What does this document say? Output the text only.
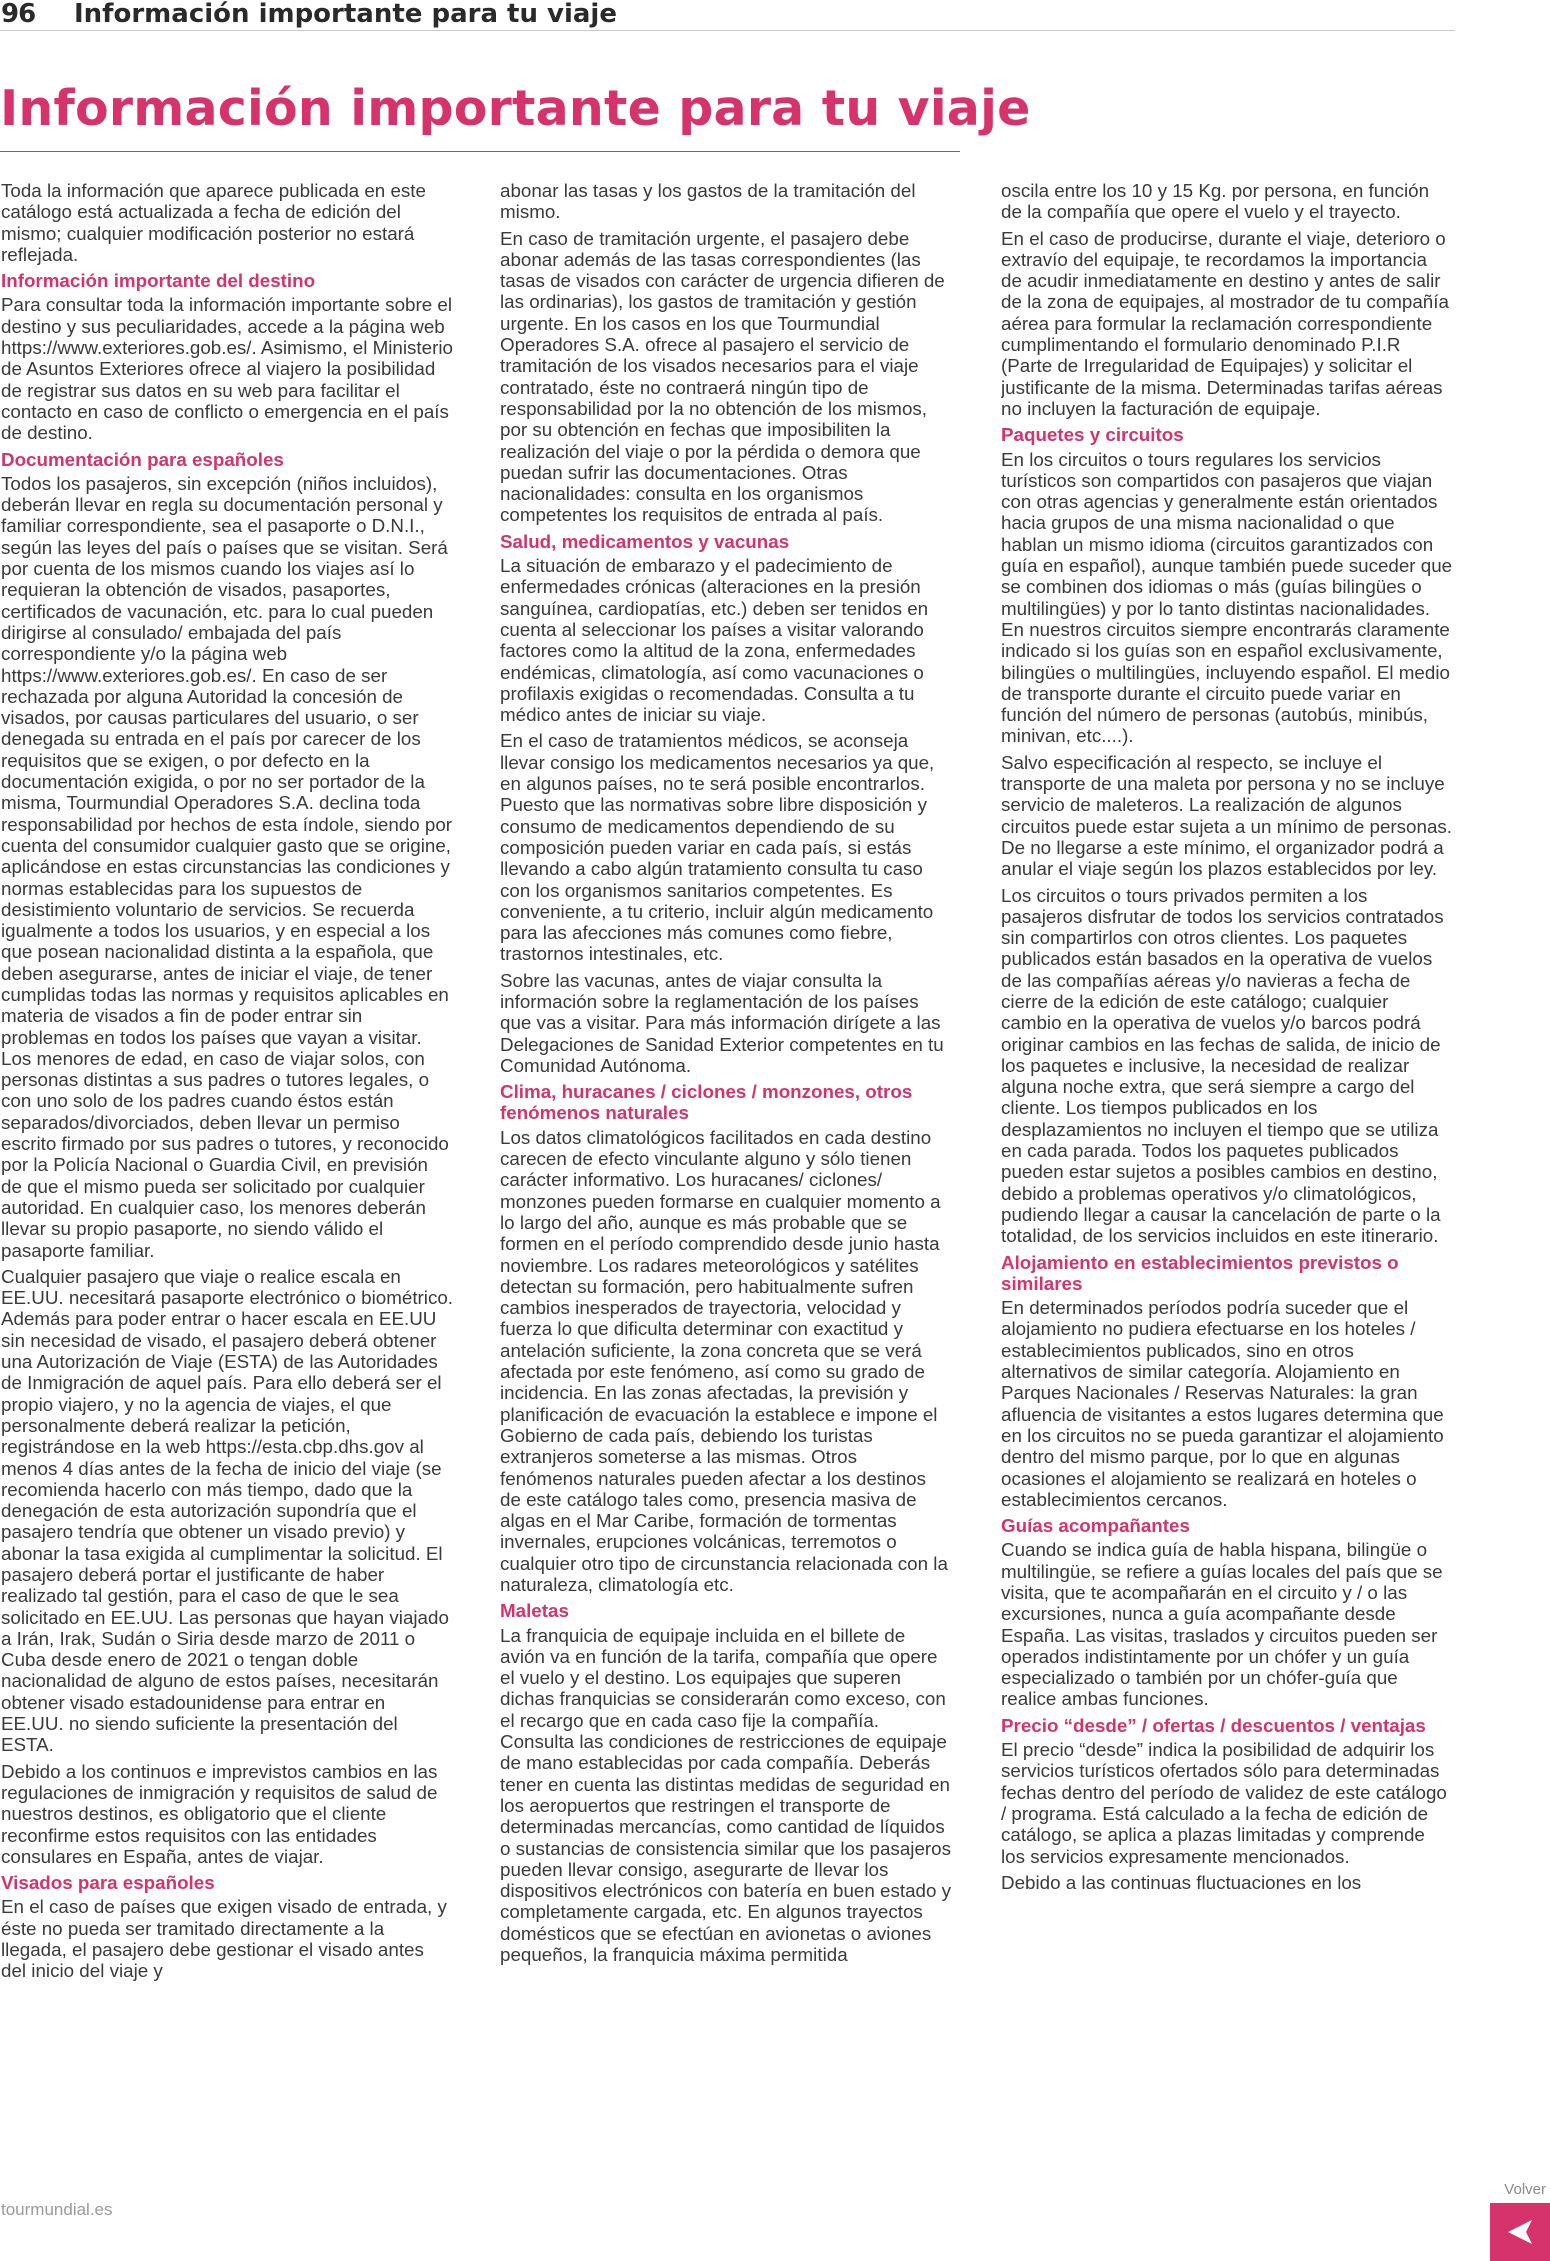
96 Información importante para tu viaje
Información importante para tu viaje
Toda la información que aparece publicada en este catálogo está actualizada a fecha de edición del mismo; cualquier modificación posterior no estará reflejada.
Información importante del destino
Para consultar toda la información importante sobre el destino y sus peculiaridades, accede a la página web https://www.exteriores.gob.es/. Asimismo, el Ministerio de Asuntos Exteriores ofrece al viajero la posibilidad de registrar sus datos en su web para facilitar el contacto en caso de conflicto o emergencia en el país de destino.
Documentación para españoles
Todos los pasajeros, sin excepción (niños incluidos), deberán llevar en regla su documentación personal y familiar correspondiente, sea el pasaporte o D.N.I., según las leyes del país o países que se visitan. Será por cuenta de los mismos cuando los viajes así lo requieran la obtención de visados, pasaportes, certificados de vacunación, etc. para lo cual pueden dirigirse al consulado/ embajada del país correspondiente y/o la página web https://www.exteriores.gob.es/. En caso de ser rechazada por alguna Autoridad la concesión de visados, por causas particulares del usuario, o ser denegada su entrada en el país por carecer de los requisitos que se exigen, o por defecto en la documentación exigida, o por no ser portador de la misma, Tourmundial Operadores S.A. declina toda responsabilidad por hechos de esta índole, siendo por cuenta del consumidor cualquier gasto que se origine, aplicándose en estas circunstancias las condiciones y normas establecidas para los supuestos de desistimiento voluntario de servicios. Se recuerda igualmente a todos los usuarios, y en especial a los que posean nacionalidad distinta a la española, que deben asegurarse, antes de iniciar el viaje, de tener cumplidas todas las normas y requisitos aplicables en materia de visados a fin de poder entrar sin problemas en todos los países que vayan a visitar. Los menores de edad, en caso de viajar solos, con personas distintas a sus padres o tutores legales, o con uno solo de los padres cuando éstos están separados/divorciados, deben llevar un permiso escrito firmado por sus padres o tutores, y reconocido por la Policía Nacional o Guardia Civil, en previsión de que el mismo pueda ser solicitado por cualquier autoridad. En cualquier caso, los menores deberán llevar su propio pasaporte, no siendo válido el pasaporte familiar.
Cualquier pasajero que viaje o realice escala en EE.UU. necesitará pasaporte electrónico o biométrico. Además para poder entrar o hacer escala en EE.UU sin necesidad de visado, el pasajero deberá obtener una Autorización de Viaje (ESTA) de las Autoridades de Inmigración de aquel país. Para ello deberá ser el propio viajero, y no la agencia de viajes, el que personalmente deberá realizar la petición, registrándose en la web https://esta.cbp.dhs.gov al menos 4 días antes de la fecha de inicio del viaje (se recomienda hacerlo con más tiempo, dado que la denegación de esta autorización supondría que el pasajero tendría que obtener un visado previo) y abonar la tasa exigida al cumplimentar la solicitud. El pasajero deberá portar el justificante de haber realizado tal gestión, para el caso de que le sea solicitado en EE.UU. Las personas que hayan viajado a Irán, Irak, Sudán o Siria desde marzo de 2011 o Cuba desde enero de 2021 o tengan doble nacionalidad de alguno de estos países, necesitarán obtener visado estadounidense para entrar en EE.UU. no siendo suficiente la presentación del ESTA.
Debido a los continuos e imprevistos cambios en las regulaciones de inmigración y requisitos de salud de nuestros destinos, es obligatorio que el cliente reconfirme estos requisitos con las entidades consulares en España, antes de viajar.
Visados para españoles
En el caso de países que exigen visado de entrada, y éste no pueda ser tramitado directamente a la llegada, el pasajero debe gestionar el visado antes del inicio del viaje y
abonar las tasas y los gastos de la tramitación del mismo.
En caso de tramitación urgente, el pasajero debe abonar además de las tasas correspondientes (las tasas de visados con carácter de urgencia difieren de las ordinarias), los gastos de tramitación y gestión urgente. En los casos en los que Tourmundial Operadores S.A. ofrece al pasajero el servicio de tramitación de los visados necesarios para el viaje contratado, éste no contraerá ningún tipo de responsabilidad por la no obtención de los mismos, por su obtención en fechas que imposibiliten la realización del viaje o por la pérdida o demora que puedan sufrir las documentaciones. Otras nacionalidades: consulta en los organismos competentes los requisitos de entrada al país.
Salud, medicamentos y vacunas
La situación de embarazo y el padecimiento de enfermedades crónicas (alteraciones en la presión sanguínea, cardiopatías, etc.) deben ser tenidos en cuenta al seleccionar los países a visitar valorando factores como la altitud de la zona, enfermedades endémicas, climatología, así como vacunaciones o profilaxis exigidas o recomendadas. Consulta a tu médico antes de iniciar su viaje.
En el caso de tratamientos médicos, se aconseja llevar consigo los medicamentos necesarios ya que, en algunos países, no te será posible encontrarlos. Puesto que las normativas sobre libre disposición y consumo de medicamentos dependiendo de su composición pueden variar en cada país, si estás llevando a cabo algún tratamiento consulta tu caso con los organismos sanitarios competentes. Es conveniente, a tu criterio, incluir algún medicamento para las afecciones más comunes como fiebre, trastornos intestinales, etc.
Sobre las vacunas, antes de viajar consulta la información sobre la reglamentación de los países que vas a visitar. Para más información dirígete a las Delegaciones de Sanidad Exterior competentes en tu Comunidad Autónoma.
Clima, huracanes / ciclones / monzones, otros fenómenos naturales
Los datos climatológicos facilitados en cada destino carecen de efecto vinculante alguno y sólo tienen carácter informativo. Los huracanes/ ciclones/ monzones pueden formarse en cualquier momento a lo largo del año, aunque es más probable que se formen en el período comprendido desde junio hasta noviembre. Los radares meteorológicos y satélites detectan su formación, pero habitualmente sufren cambios inesperados de trayectoria, velocidad y fuerza lo que dificulta determinar con exactitud y antelación suficiente, la zona concreta que se verá afectada por este fenómeno, así como su grado de incidencia. En las zonas afectadas, la previsión y planificación de evacuación la establece e impone el Gobierno de cada país, debiendo los turistas extranjeros someterse a las mismas. Otros fenómenos naturales pueden afectar a los destinos de este catálogo tales como, presencia masiva de algas en el Mar Caribe, formación de tormentas invernales, erupciones volcánicas, terremotos o cualquier otro tipo de circunstancia relacionada con la naturaleza, climatología etc.
Maletas
La franquicia de equipaje incluida en el billete de avión va en función de la tarifa, compañía que opere el vuelo y el destino. Los equipajes que superen dichas franquicias se considerarán como exceso, con el recargo que en cada caso fije la compañía. Consulta las condiciones de restricciones de equipaje de mano establecidas por cada compañía. Deberás tener en cuenta las distintas medidas de seguridad en los aeropuertos que restringen el transporte de determinadas mercancías, como cantidad de líquidos o sustancias de consistencia similar que los pasajeros pueden llevar consigo, asegurarte de llevar los dispositivos electrónicos con batería en buen estado y completamente cargada, etc. En algunos trayectos domésticos que se efectúan en avionetas o aviones pequeños, la franquicia máxima permitida
oscila entre los 10 y 15 Kg. por persona, en función de la compañía que opere el vuelo y el trayecto.
En el caso de producirse, durante el viaje, deterioro o extravío del equipaje, te recordamos la importancia de acudir inmediatamente en destino y antes de salir de la zona de equipajes, al mostrador de tu compañía aérea para formular la reclamación correspondiente cumplimentando el formulario denominado P.I.R (Parte de Irregularidad de Equipajes) y solicitar el justificante de la misma. Determinadas tarifas aéreas no incluyen la facturación de equipaje.
Paquetes y circuitos
En los circuitos o tours regulares los servicios turísticos son compartidos con pasajeros que viajan con otras agencias y generalmente están orientados hacia grupos de una misma nacionalidad o que hablan un mismo idioma (circuitos garantizados con guía en español), aunque también puede suceder que se combinen dos idiomas o más (guías bilingües o multilingües) y por lo tanto distintas nacionalidades. En nuestros circuitos siempre encontrarás claramente indicado si los guías son en español exclusivamente, bilingües o multilingües, incluyendo español. El medio de transporte durante el circuito puede variar en función del número de personas (autobús, minibús, minivan, etc....).
Salvo especificación al respecto, se incluye el transporte de una maleta por persona y no se incluye servicio de maleteros. La realización de algunos circuitos puede estar sujeta a un mínimo de personas. De no llegarse a este mínimo, el organizador podrá a anular el viaje según los plazos establecidos por ley.
Los circuitos o tours privados permiten a los pasajeros disfrutar de todos los servicios contratados sin compartirlos con otros clientes. Los paquetes publicados están basados en la operativa de vuelos de las compañías aéreas y/o navieras a fecha de cierre de la edición de este catálogo; cualquier cambio en la operativa de vuelos y/o barcos podrá originar cambios en las fechas de salida, de inicio de los paquetes e inclusive, la necesidad de realizar alguna noche extra, que será siempre a cargo del cliente. Los tiempos publicados en los desplazamientos no incluyen el tiempo que se utiliza en cada parada. Todos los paquetes publicados pueden estar sujetos a posibles cambios en destino, debido a problemas operativos y/o climatológicos, pudiendo llegar a causar la cancelación de parte o la totalidad, de los servicios incluidos en este itinerario.
Alojamiento en establecimientos previstos o similares
En determinados períodos podría suceder que el alojamiento no pudiera efectuarse en los hoteles / establecimientos publicados, sino en otros alternativos de similar categoría. Alojamiento en Parques Nacionales / Reservas Naturales: la gran afluencia de visitantes a estos lugares determina que en los circuitos no se pueda garantizar el alojamiento dentro del mismo parque, por lo que en algunas ocasiones el alojamiento se realizará en hoteles o establecimientos cercanos.
Guías acompañantes
Cuando se indica guía de habla hispana, bilingüe o multilingüe, se refiere a guías locales del país que se visita, que te acompañarán en el circuito y / o las excursiones, nunca a guía acompañante desde España. Las visitas, traslados y circuitos pueden ser operados indistintamente por un chófer y un guía especializado o también por un chófer-guía que realice ambas funciones.
Precio “desde” / ofertas / descuentos / ventajas
El precio “desde” indica la posibilidad de adquirir los servicios turísticos ofertados sólo para determinadas fechas dentro del período de validez de este catálogo / programa. Está calculado a la fecha de edición de catálogo, se aplica a plazas limitadas y comprende los servicios expresamente mencionados.
Debido a las continuas fluctuaciones en los
tourmundial.es
Volver
